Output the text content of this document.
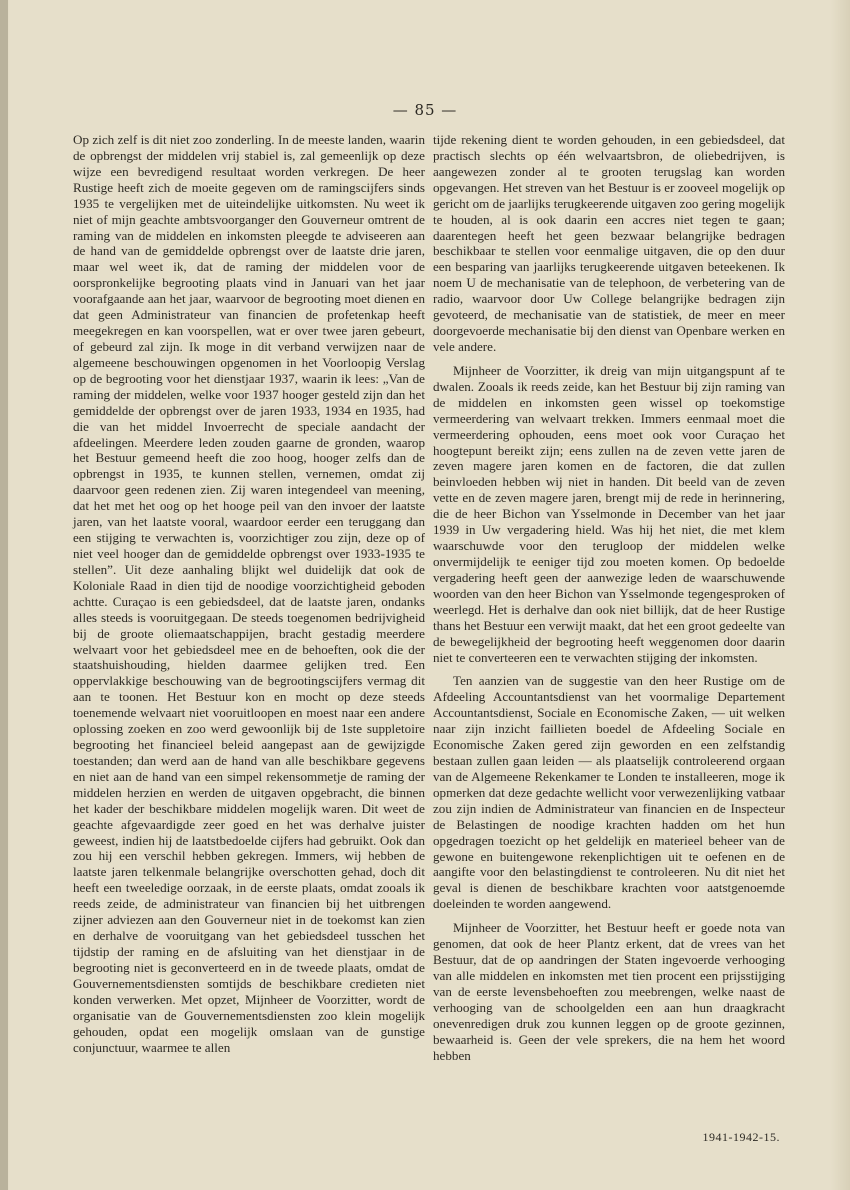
— 85 —

Op zich zelf is dit niet zoo zonderling. In de meeste landen, waarin de opbrengst der middelen vrij stabiel is, zal gemeenlijk op deze wijze een bevredigend resultaat worden verkregen. De heer Rustige heeft zich de moeite gegeven om de ramingscijfers sinds 1935 te vergelijken met de uiteindelijke uitkomsten. Nu weet ik niet of mijn geachte ambtsvoorganger den Gouverneur omtrent de raming van de middelen en inkomsten pleegde te adviseeren aan de hand van de gemiddelde opbrengst over de laatste drie jaren, maar wel weet ik, dat de raming der middelen voor de oorspronkelijke begrooting plaats vind in Januari van het jaar voorafgaande aan het jaar, waarvoor de begrooting moet dienen en dat geen Administrateur van financien de profetenkap heeft meegekregen en kan voorspellen, wat er over twee jaren gebeurt, of gebeurd zal zijn. Ik moge in dit verband verwijzen naar de algemeene beschouwingen opgenomen in het Voorloopig Verslag op de begrooting voor het dienstjaar 1937, waarin ik lees: „Van de raming der middelen, welke voor 1937 hooger gesteld zijn dan het gemiddelde der opbrengst over de jaren 1933, 1934 en 1935, had die van het middel Invoerrecht de speciale aandacht der afdeelingen. Meerdere leden zouden gaarne de gronden, waarop het Bestuur gemeend heeft die zoo hoog, hooger zelfs dan de opbrengst in 1935, te kunnen stellen, vernemen, omdat zij daarvoor geen redenen zien. Zij waren integendeel van meening, dat het met het oog op het hooge peil van den invoer der laatste jaren, van het laatste vooral, waardoor eerder een teruggang dan een stijging te verwachten is, voorzichtiger zou zijn, deze op of niet veel hooger dan de gemiddelde opbrengst over 1933-1935 te stellen”. Uit deze aanhaling blijkt wel duidelijk dat ook de Koloniale Raad in dien tijd de noodige voorzichtigheid geboden achtte. Curaçao is een gebiedsdeel, dat de laatste jaren, ondanks alles steeds is vooruitgegaan. De steeds toegenomen bedrijvigheid bij de groote oliemaatschappijen, bracht gestadig meerdere welvaart voor het gebiedsdeel mee en de behoeften, ook die der staatshuishouding, hielden daarmee gelijken tred. Een oppervlakkige beschouwing van de begrootingscijfers vermag dit aan te toonen. Het Bestuur kon en mocht op deze steeds toenemende welvaart niet vooruitloopen en moest naar een andere oplossing zoeken en zoo werd gewoonlijk bij de 1ste suppletoire begrooting het financieel beleid aangepast aan de gewijzigde toestanden; dan werd aan de hand van alle beschikbare gegevens en niet aan de hand van een simpel rekensommetje de raming der middelen herzien en werden de uitgaven opgebracht, die binnen het kader der beschikbare middelen mogelijk waren. Dit weet de geachte afgevaardigde zeer goed en het was derhalve juister geweest, indien hij de laatstbedoelde cijfers had gebruikt. Ook dan zou hij een verschil hebben gekregen. Immers, wij hebben de laatste jaren telkenmale belangrijke overschotten gehad, doch dit heeft een tweeledige oorzaak, in de eerste plaats, omdat zooals ik reeds zeide, de administrateur van financien bij het uitbrengen zijner adviezen aan den Gouverneur niet in de toekomst kan zien en derhalve de vooruitgang van het gebiedsdeel tusschen het tijdstip der raming en de afsluiting van het dienstjaar in de begrooting niet is geconverteerd en in de tweede plaats, omdat de Gouvernementsdiensten somtijds de beschikbare credieten niet konden verwerken. Met opzet, Mijnheer de Voorzitter, wordt de organisatie van de Gouvernementsdiensten zoo klein mogelijk gehouden, opdat een mogelijk omslaan van de gunstige conjunctuur, waarmee te allen

tijde rekening dient te worden gehouden, in een gebiedsdeel, dat practisch slechts op één welvaartsbron, de oliebedrijven, is aangewezen zonder al te grooten terugslag kan worden opgevangen. Het streven van het Bestuur is er zooveel mogelijk op gericht om de jaarlijks terugkeerende uitgaven zoo gering mogelijk te houden, al is ook daarin een accres niet tegen te gaan; daarentegen heeft het geen bezwaar belangrijke bedragen beschikbaar te stellen voor eenmalige uitgaven, die op den duur een besparing van jaarlijks terugkeerende uitgaven beteekenen. Ik noem U de mechanisatie van de telephoon, de verbetering van de radio, waarvoor door Uw College belangrijke bedragen zijn gevoteerd, de mechanisatie van de statistiek, de meer en meer doorgevoerde mechanisatie bij den dienst van Openbare werken en vele andere.

Mijnheer de Voorzitter, ik dreig van mijn uitgangspunt af te dwalen. Zooals ik reeds zeide, kan het Bestuur bij zijn raming van de middelen en inkomsten geen wissel op toekomstige vermeerdering van welvaart trekken. Immers eenmaal moet die vermeerdering ophouden, eens moet ook voor Curaçao het hoogtepunt bereikt zijn; eens zullen na de zeven vette jaren de zeven magere jaren komen en de factoren, die dat zullen beinvloeden hebben wij niet in handen. Dit beeld van de zeven vette en de zeven magere jaren, brengt mij de rede in herinnering, die de heer Bichon van Ysselmonde in December van het jaar 1939 in Uw vergadering hield. Was hij het niet, die met klem waarschuwde voor den terugloop der middelen welke onvermijdelijk te eeniger tijd zou moeten komen. Op bedoelde vergadering heeft geen der aanwezige leden de waarschuwende woorden van den heer Bichon van Ysselmonde tegengesproken of weerlegd. Het is derhalve dan ook niet billijk, dat de heer Rustige thans het Bestuur een verwijt maakt, dat het een groot gedeelte van de bewegelijkheid der begrooting heeft weggenomen door daarin niet te converteeren een te verwachten stijging der inkomsten.

Ten aanzien van de suggestie van den heer Rustige om de Afdeeling Accountantsdienst van het voormalige Departement Accountantsdienst, Sociale en Economische Zaken, — uit welken naar zijn inzicht faillieten boedel de Afdeeling Sociale en Economische Zaken gered zijn geworden en een zelfstandig bestaan zullen gaan leiden — als plaatselijk controleerend orgaan van de Algemeene Rekenkamer te Londen te installeeren, moge ik opmerken dat deze gedachte wellicht voor verwezenlijking vatbaar zou zijn indien de Administrateur van financien en de Inspecteur de Belastingen de noodige krachten hadden om het hun opgedragen toezicht op het geldelijk en materieel beheer van de gewone en buitengewone rekenplichtigen uit te oefenen en de aangifte voor den belastingdienst te controleeren. Nu dit niet het geval is dienen de beschikbare krachten voor aatstgenoemde doeleinden te worden aangewend.

Mijnheer de Voorzitter, het Bestuur heeft er goede nota van genomen, dat ook de heer Plantz erkent, dat de vrees van het Bestuur, dat de op aandringen der Staten ingevoerde verhooging van alle middelen en inkomsten met tien procent een prijsstijging van de eerste levensbehoeften zou meebrengen, welke naast de verhooging van de schoolgelden een aan hun draagkracht onevenredigen druk zou kunnen leggen op de groote gezinnen, bewaarheid is. Geen der vele sprekers, die na hem het woord hebben

1941-1942-15.
